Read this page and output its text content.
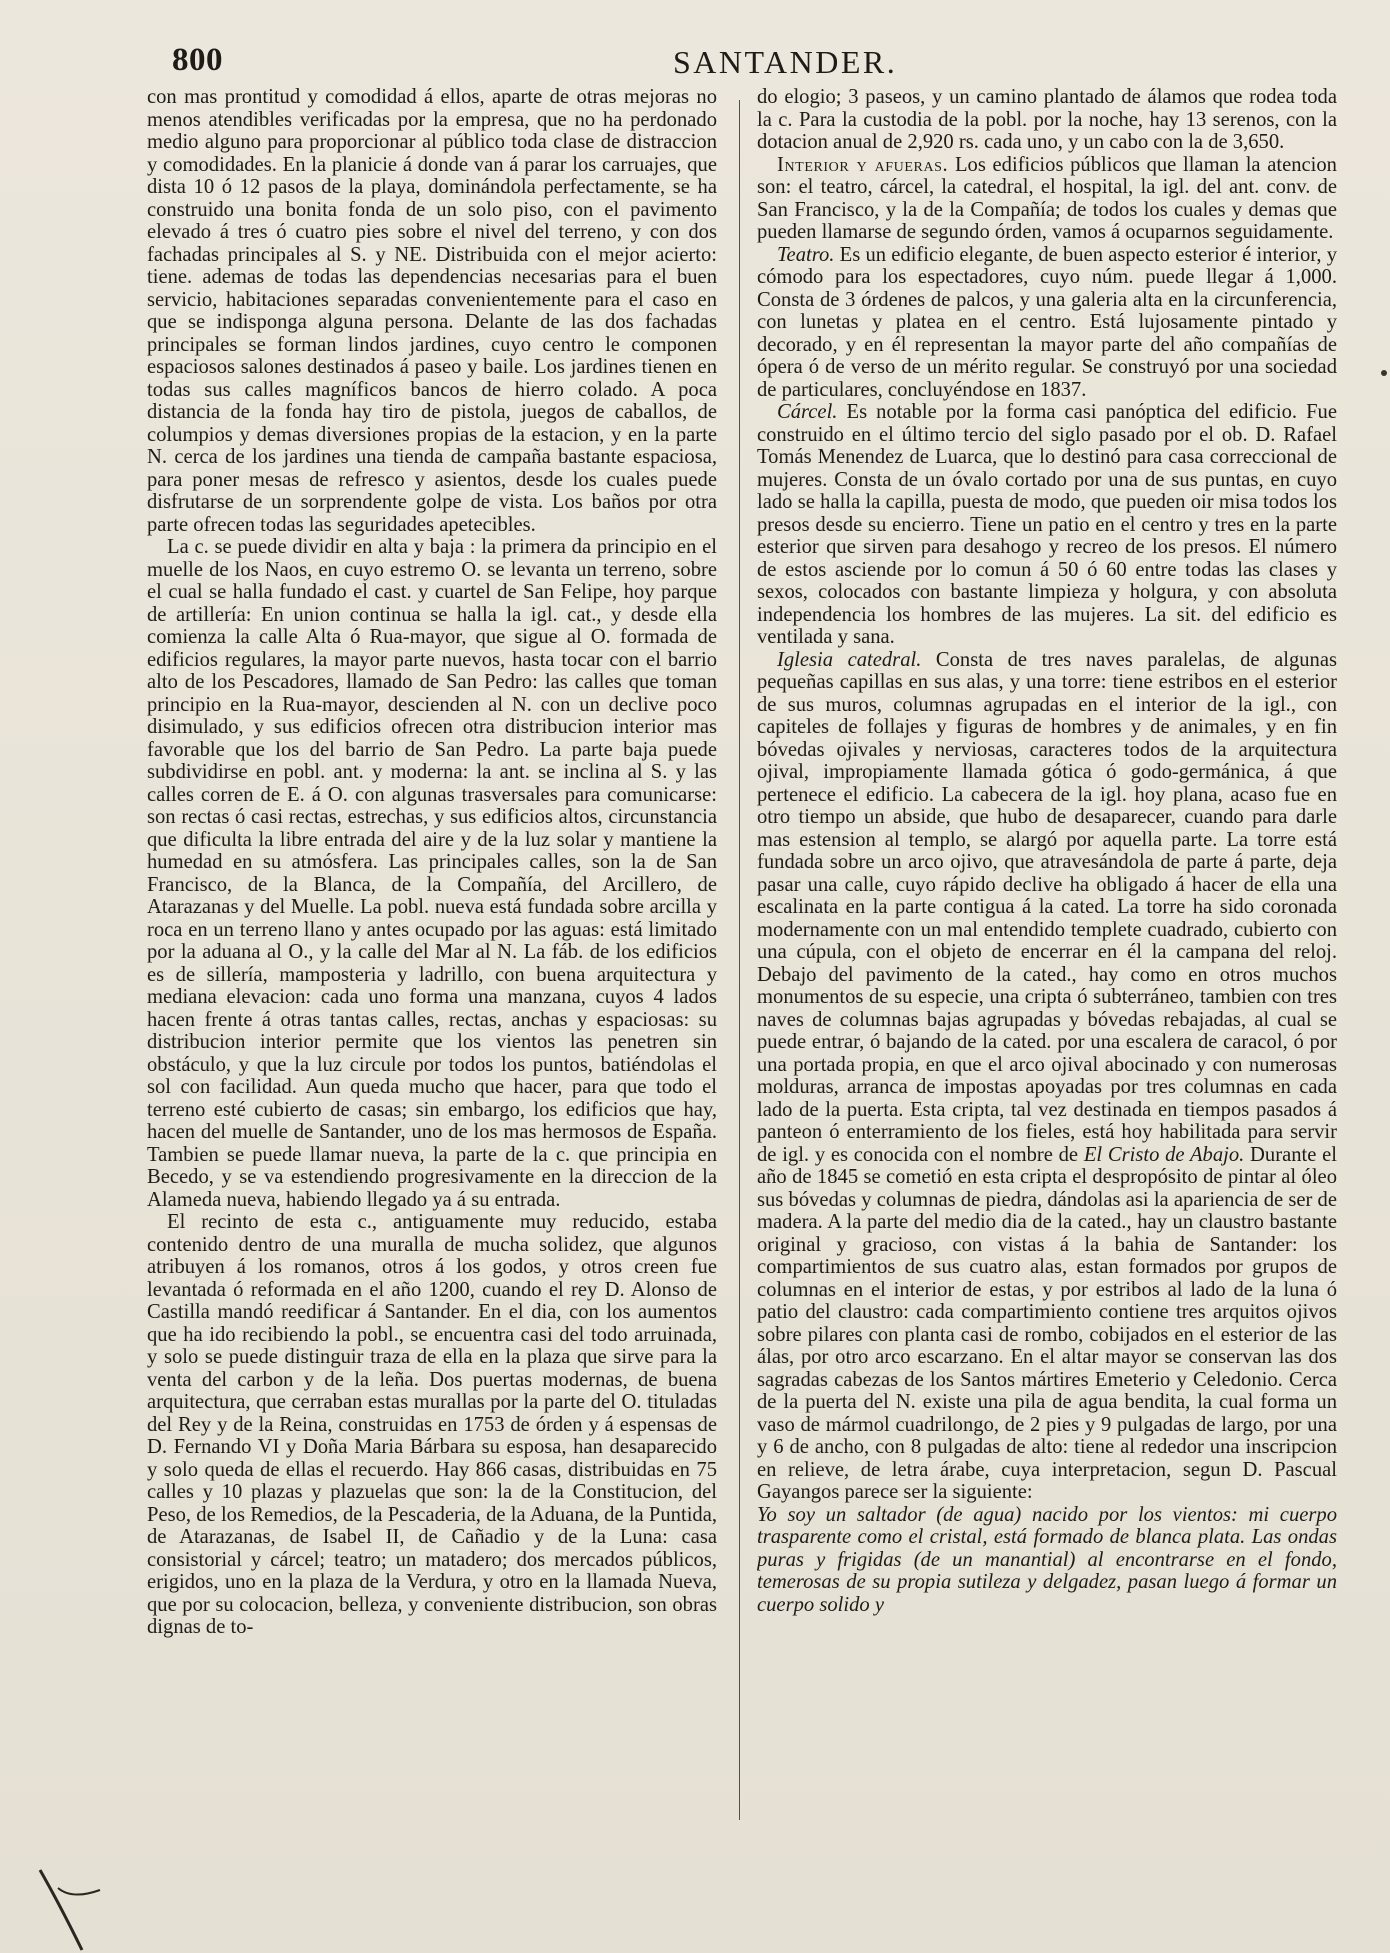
800	SANTANDER.

con mas prontitud y comodidad á ellos, aparte de otras mejoras no menos atendibles verificadas por la empresa, que no ha perdonado medio alguno para proporcionar al público toda clase de distraccion y comodidades. En la planicie á donde van á parar los carruajes, que dista 10 ó 12 pasos de la playa, dominándola perfectamente, se ha construido una bonita fonda de un solo piso, con el pavimento elevado á tres ó cuatro pies sobre el nivel del terreno, y con dos fachadas principales al S. y NE. Distribuida con el mejor acierto: tiene. ademas de todas las dependencias necesarias para el buen servicio, habitaciones separadas convenientemente para el caso en que se indisponga alguna persona. Delante de las dos fachadas principales se forman lindos jardines, cuyo centro le componen espaciosos salones destinados á paseo y baile. Los jardines tienen en todas sus calles magníficos bancos de hierro colado. A poca distancia de la fonda hay tiro de pistola, juegos de caballos, de columpios y demas diversiones propias de la estacion, y en la parte N. cerca de los jardines una tienda de campaña bastante espaciosa, para poner mesas de refresco y asientos, desde los cuales puede disfrutarse de un sorprendente golpe de vista. Los baños por otra parte ofrecen todas las seguridades apetecibles.

La c. se puede dividir en alta y baja : la primera da principio en el muelle de los Naos, en cuyo estremo O. se levanta un terreno, sobre el cual se halla fundado el cast. y cuartel de San Felipe, hoy parque de artillería: En union continua se halla la igl. cat., y desde ella comienza la calle Alta ó Rua-mayor, que sigue al O. formada de edificios regulares, la mayor parte nuevos, hasta tocar con el barrio alto de los Pescadores, llamado de San Pedro: las calles que toman principio en la Rua-mayor, descienden al N. con un declive poco disimulado, y sus edificios ofrecen otra distribucion interior mas favorable que los del barrio de San Pedro. La parte baja puede subdividirse en pobl. ant. y moderna: la ant. se inclina al S. y las calles corren de E. á O. con algunas trasversales para comunicarse: son rectas ó casi rectas, estrechas, y sus edificios altos, circunstancia que dificulta la libre entrada del aire y de la luz solar y mantiene la humedad en su atmósfera. Las principales calles, son la de San Francisco, de la Blanca, de la Compañía, del Arcillero, de Atarazanas y del Muelle. La pobl. nueva está fundada sobre arcilla y roca en un terreno llano y antes ocupado por las aguas: está limitado por la aduana al O., y la calle del Mar al N. La fáb. de los edificios es de sillería, mamposteria y ladrillo, con buena arquitectura y mediana elevacion: cada uno forma una manzana, cuyos 4 lados hacen frente á otras tantas calles, rectas, anchas y espaciosas: su distribucion interior permite que los vientos las penetren sin obstáculo, y que la luz circule por todos los puntos, batiéndolas el sol con facilidad. Aun queda mucho que hacer, para que todo el terreno esté cubierto de casas; sin embargo, los edificios que hay, hacen del muelle de Santander, uno de los mas hermosos de España. Tambien se puede llamar nueva, la parte de la c. que principia en Becedo, y se va estendiendo progresivamente en la direccion de la Alameda nueva, habiendo llegado ya á su entrada.

El recinto de esta c., antiguamente muy reducido, estaba contenido dentro de una muralla de mucha solidez, que algunos atribuyen á los romanos, otros á los godos, y otros creen fue levantada ó reformada en el año 1200, cuando el rey D. Alonso de Castilla mandó reedificar á Santander. En el dia, con los aumentos que ha ido recibiendo la pobl., se encuentra casi del todo arruinada, y solo se puede distinguir traza de ella en la plaza que sirve para la venta del carbon y de la leña. Dos puertas modernas, de buena arquitectura, que cerraban estas murallas por la parte del O. tituladas del Rey y de la Reina, construidas en 1753 de órden y á espensas de D. Fernando VI y Doña Maria Bárbara su esposa, han desaparecido y solo queda de ellas el recuerdo. Hay 866 casas, distribuidas en 75 calles y 10 plazas y plazuelas que son: la de la Constitucion, del Peso, de los Remedios, de la Pescaderia, de la Aduana, de la Puntida, de Atarazanas, de Isabel II, de Cañadio y de la Luna: casa consistorial y cárcel; teatro; un matadero; dos mercados públicos, erigidos, uno en la plaza de la Verdura, y otro en la llamada Nueva, que por su colocacion, belleza, y conveniente distribucion, son obras dignas de to-

do elogio; 3 paseos, y un camino plantado de álamos que rodea toda la c. Para la custodia de la pobl. por la noche, hay 13 serenos, con la dotacion anual de 2,920 rs. cada uno, y un cabo con la de 3,650.

Interior y afueras. Los edificios públicos que llaman la atencion son: el teatro, cárcel, la catedral, el hospital, la igl. del ant. conv. de San Francisco, y la de la Compañía; de todos los cuales y demas que pueden llamarse de segundo órden, vamos á ocuparnos seguidamente.

Teatro. Es un edificio elegante, de buen aspecto esterior é interior, y cómodo para los espectadores, cuyo núm. puede llegar á 1,000. Consta de 3 órdenes de palcos, y una galeria alta en la circunferencia, con lunetas y platea en el centro. Está lujosamente pintado y decorado, y en él representan la mayor parte del año compañías de ópera ó de verso de un mérito regular. Se construyó por una sociedad de particulares, concluyéndose en 1837.

Cárcel. Es notable por la forma casi panóptica del edificio. Fue construido en el último tercio del siglo pasado por el ob. D. Rafael Tomás Menendez de Luarca, que lo destinó para casa correccional de mujeres. Consta de un óvalo cortado por una de sus puntas, en cuyo lado se halla la capilla, puesta de modo, que pueden oir misa todos los presos desde su encierro. Tiene un patio en el centro y tres en la parte esterior que sirven para desahogo y recreo de los presos. El número de estos asciende por lo comun á 50 ó 60 entre todas las clases y sexos, colocados con bastante limpieza y holgura, y con absoluta independencia los hombres de las mujeres. La sit. del edificio es ventilada y sana.

Iglesia catedral. Consta de tres naves paralelas, de algunas pequeñas capillas en sus alas, y una torre: tiene estribos en el esterior de sus muros, columnas agrupadas en el interior de la igl., con capiteles de follajes y figuras de hombres y de animales, y en fin bóvedas ojivales y nerviosas, caracteres todos de la arquitectura ojival, impropiamente llamada gótica ó godo-germánica, á que pertenece el edificio. La cabecera de la igl. hoy plana, acaso fue en otro tiempo un abside, que hubo de desaparecer, cuando para darle mas estension al templo, se alargó por aquella parte. La torre está fundada sobre un arco ojivo, que atravesándola de parte á parte, deja pasar una calle, cuyo rápido declive ha obligado á hacer de ella una escalinata en la parte contigua á la cated. La torre ha sido coronada modernamente con un mal entendido templete cuadrado, cubierto con una cúpula, con el objeto de encerrar en él la campana del reloj. Debajo del pavimento de la cated., hay como en otros muchos monumentos de su especie, una cripta ó subterráneo, tambien con tres naves de columnas bajas agrupadas y bóvedas rebajadas, al cual se puede entrar, ó bajando de la cated. por una escalera de caracol, ó por una portada propia, en que el arco ojival abocinado y con numerosas molduras, arranca de impostas apoyadas por tres columnas en cada lado de la puerta. Esta cripta, tal vez destinada en tiempos pasados á panteon ó enterramiento de los fieles, está hoy habilitada para servir de igl. y es conocida con el nombre de El Cristo de Abajo. Durante el año de 1845 se cometió en esta cripta el despropósito de pintar al óleo sus bóvedas y columnas de piedra, dándolas asi la apariencia de ser de madera. A la parte del medio dia de la cated., hay un claustro bastante original y gracioso, con vistas á la bahia de Santander: los compartimientos de sus cuatro alas, estan formados por grupos de columnas en el interior de estas, y por estribos al lado de la luna ó patio del claustro: cada compartimiento contiene tres arquitos ojivos sobre pilares con planta casi de rombo, cobijados en el esterior de las álas, por otro arco escarzano. En el altar mayor se conservan las dos sagradas cabezas de los Santos mártires Emeterio y Celedonio. Cerca de la puerta del N. existe una pila de agua bendita, la cual forma un vaso de mármol cuadrilongo, de 2 pies y 9 pulgadas de largo, por una y 6 de ancho, con 8 pulgadas de alto: tiene al rededor una inscripcion en relieve, de letra árabe, cuya interpretacion, segun D. Pascual Gayangos parece ser la siguiente:

Yo soy un saltador (de agua) nacido por los vientos: mi cuerpo trasparente como el cristal, está formado de blanca plata. Las ondas puras y frigidas (de un manantial) al encontrarse en el fondo, temerosas de su propia sutileza y delgadez, pasan luego á formar un cuerpo solido y
